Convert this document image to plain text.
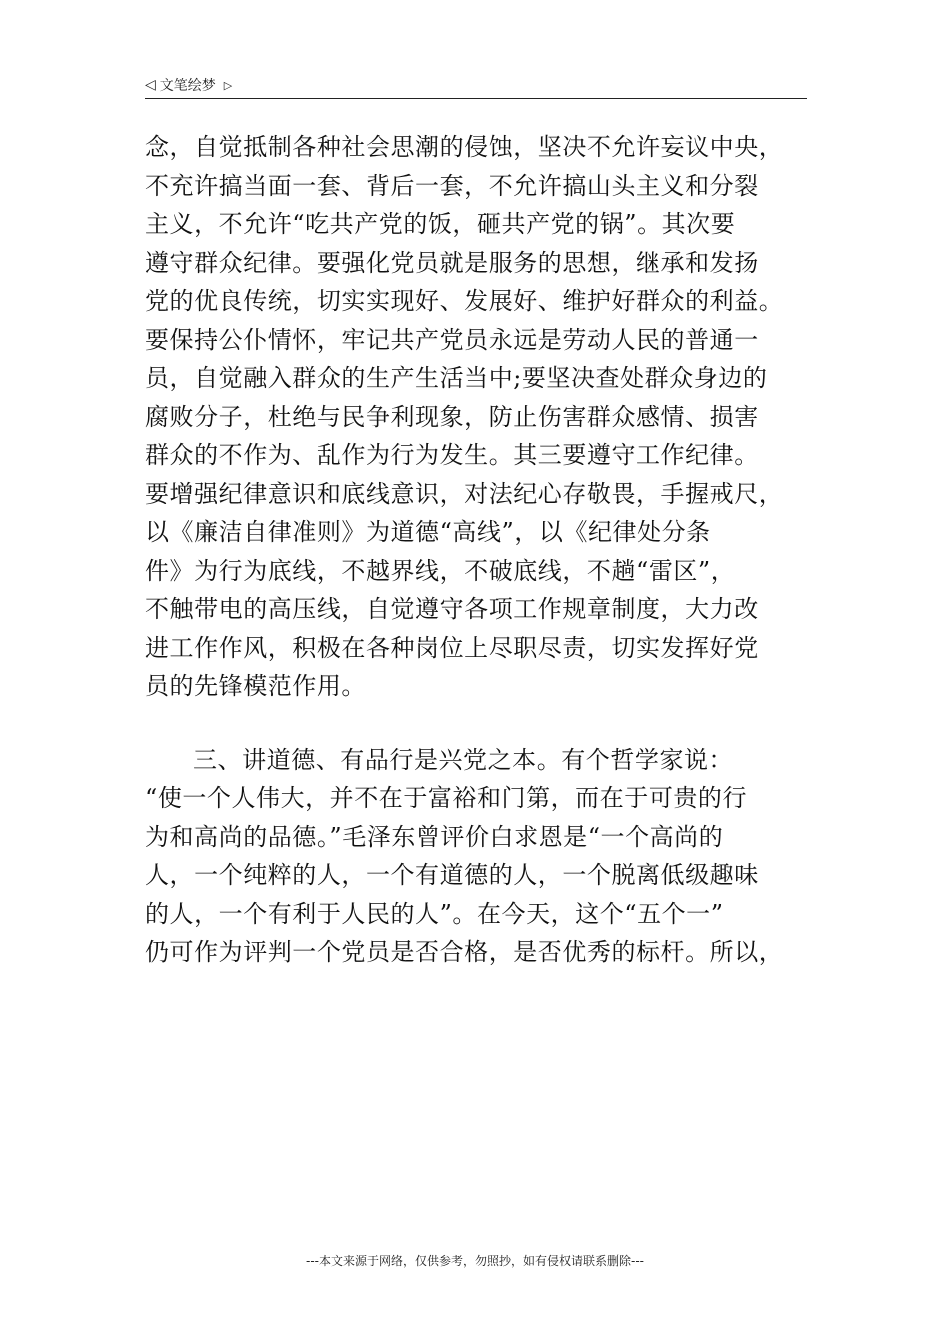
◁ 文笔绘梦 ▷
念，自觉抵制各种社会思潮的侵蚀，坚决不允许妄议中央，
不充许搞当面一套、背后一套，不允许搞山头主义和分裂
主义，不允许“吃共产党的饭，砸共产党的锅”。其次要
遵守群众纪律。要强化党员就是服务的思想，继承和发扬
党的优良传统，切实实现好、发展好、维护好群众的利益。
要保持公仆情怀，牢记共产党员永远是劳动人民的普通一
员，自觉融入群众的生产生活当中;要坚决查处群众身边的
腐败分子，杜绝与民争利现象，防止伤害群众感情、损害
群众的不作为、乱作为行为发生。其三要遵守工作纪律。
要增强纪律意识和底线意识，对法纪心存敬畏，手握戒尺，
以《廉洁自律准则》为道德“高线”，以《纪律处分条
件》为行为底线，不越界线，不破底线，不趟“雷区”，
不触带电的高压线，自觉遵守各项工作规章制度，大力改
进工作作风，积极在各种岗位上尽职尽责，切实发挥好党
员的先锋模范作用。
三、讲道德、有品行是兴党之本。有个哲学家说：
“使一个人伟大，并不在于富裕和门第，而在于可贵的行
为和高尚的品德。”毛泽东曾评价白求恩是“一个高尚的
人，一个纯粹的人，一个有道德的人，一个脱离低级趣味
的人，一个有利于人民的人”。在今天，这个“五个一”
仍可作为评判一个党员是否合格，是否优秀的标杆。所以，
---本文来源于网络，仅供参考，勿照抄，如有侵权请联系删除---
